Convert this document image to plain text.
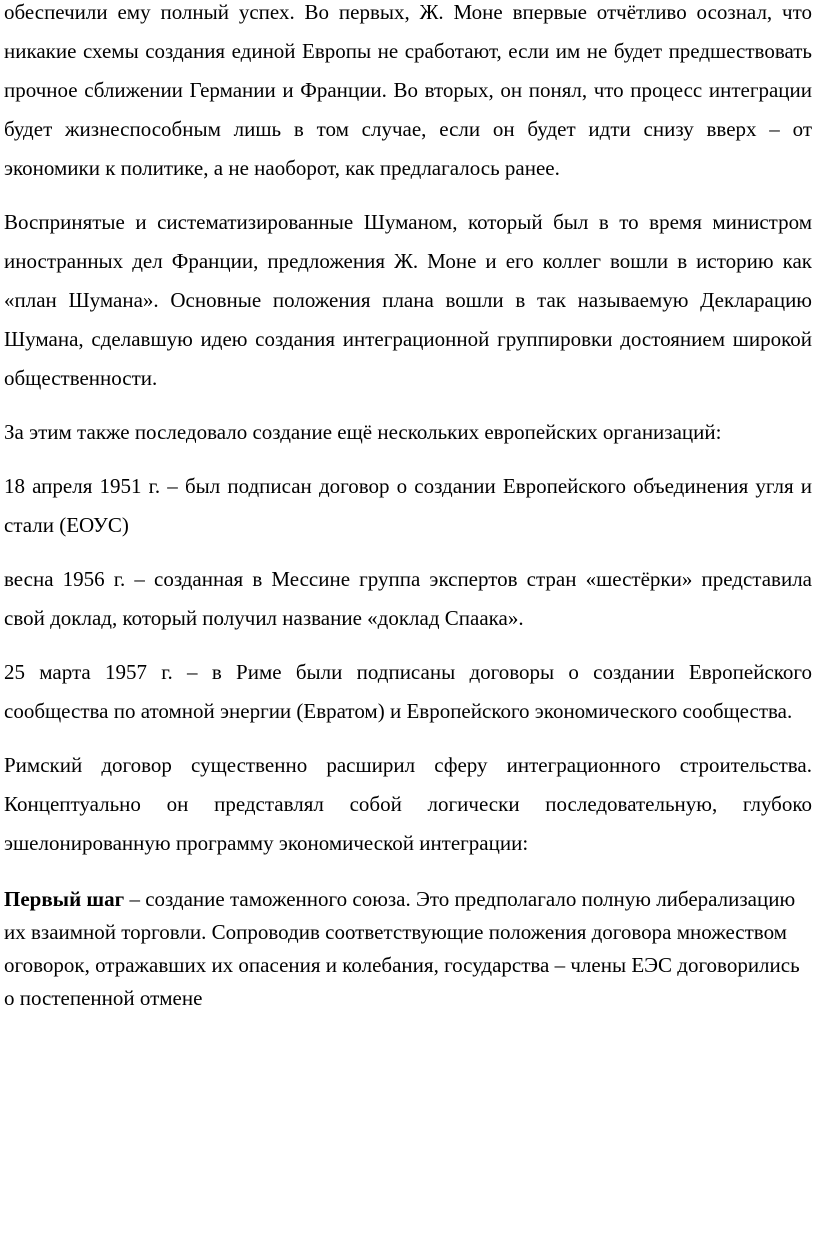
обеспечили ему полный успех. Во первых, Ж. Моне впервые отчётливо осознал, что никакие схемы создания единой Европы не сработают, если им не будет предшествовать прочное сближении Германии и Франции. Во вторых, он понял, что процесс интеграции будет жизнеспособным лишь в том случае, если он будет идти снизу вверх – от экономики к политике, а не наоборот, как предлагалось ранее.

Воспринятые и систематизированные Шуманом, который был в то время министром иностранных дел Франции, предложения Ж. Моне и его коллег вошли в историю как «план Шумана». Основные положения плана вошли в так называемую Декларацию Шумана, сделавшую идею создания интеграционной группировки достоянием широкой общественности.

За этим также последовало создание ещё нескольких европейских организаций:

18 апреля 1951 г. – был подписан договор о создании Европейского объединения угля и стали (ЕОУС)

весна 1956 г. – созданная в Мессине группа экспертов стран «шестёрки» представила свой доклад, который получил название «доклад Спаака».

25 марта 1957 г. – в Риме были подписаны договоры о создании Европейского сообщества по атомной энергии (Евратом) и Европейского экономического сообщества.

Римский договор существенно расширил сферу интеграционного строительства. Концептуально он представлял собой логически последовательную, глубоко эшелонированную программу экономической интеграции:

Первый шаг – создание таможенного союза. Это предполагало полную либерализацию их взаимной торговли. Сопроводив соответствующие положения договора множеством оговорок, отражавших их опасения и колебания, государства – члены ЕЭС договорились о постепенной отмене
